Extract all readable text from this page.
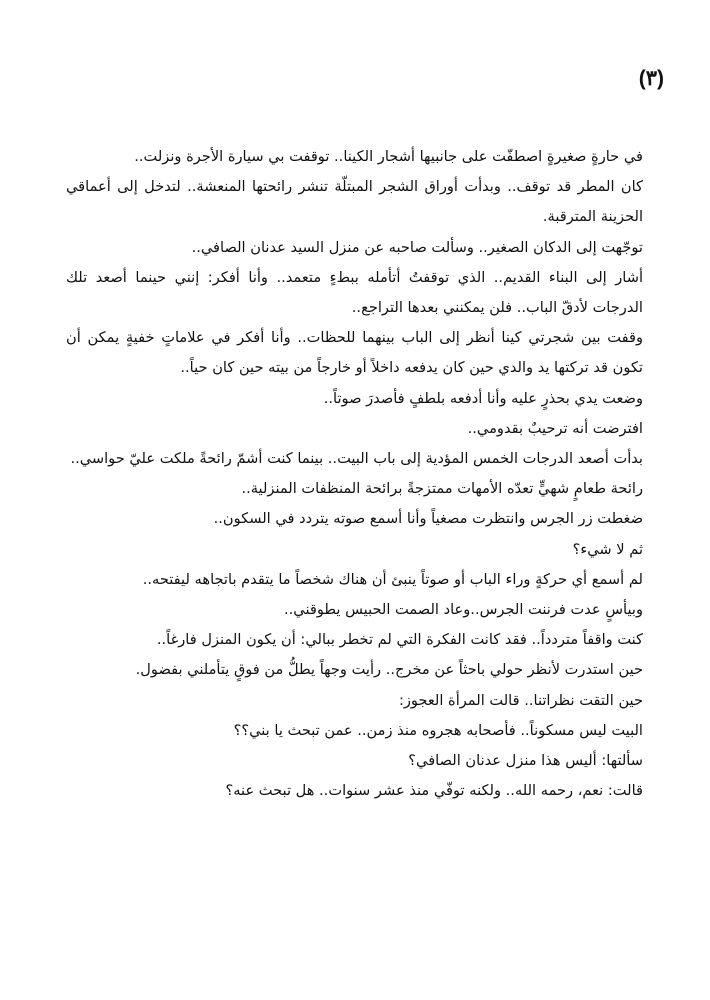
(٣)

في حارةٍ صغيرةٍ اصطفّت على جانبيها أشجار الكينا.. توقفت بي سيارة الأجرة ونزلت..

كان المطر قد توقف.. وبدأت أوراق الشجر المبتلّة تنشر رائحتها المنعشة.. لتدخل إلى أعماقي الحزينة المترقبة.

توجّهت إلى الدكان الصغير.. وسألت صاحبه عن منزل السيد عدنان الصافي..

أشار إلى البناء القديم.. الذي توقفتُ أتأمله ببطءٍ متعمد.. وأنا أفكر: إنني حينما أصعد تلك الدرجات لأدقّ الباب.. فلن يمكنني بعدها التراجع..

وقفت بين شجرتي كينا أنظر إلى الباب بينهما للحظات.. وأنا أفكر في علاماتٍ خفيةٍ يمكن أن تكون قد تركتها يد والدي حين كان يدفعه داخلاً أو خارجاً من بيته حين كان حياً..

وضعت يدي بحذرٍ عليه وأنا أدفعه بلطفٍ فأصدرَ صوتاً..

افترضت أنه ترحيبٌ بقدومي..

بدأت أصعد الدرجات الخمس المؤدية إلى باب البيت.. بينما كنت أشمّ رائحةً ملكت عليّ حواسي..

رائحة طعامٍ شهيٍّ تعدّه الأمهات ممتزجةً برائحة المنظفات المنزلية..

ضغطت زر الجرس وانتظرت مصغياً وأنا أسمع صوته يتردد في السكون..

ثم لا شيء؟

لم أسمع أي حركةٍ وراء الباب أو صوتاً ينبئ أن هناك شخصاً ما يتقدم باتجاهه ليفتحه..

وبيأسٍ عدت فرننت الجرس..وعاد الصمت الحبيس يطوقني..

كنت واقفاً متردداً.. فقد كانت الفكرة التي لم تخطر ببالي: أن يكون المنزل فارغاً..

حين استدرت لأنظر حولي باحثاً عن مخرج.. رأيت وجهاً يطلُّ من فوقٍ يتأملني بفضول.

حين التقت نظراتنا.. قالت المرأة العجوز:

البيت ليس مسكوناً.. فأصحابه هجروه منذ زمن.. عمن تبحث يا بني؟؟

سألتها: أليس هذا منزل عدنان الصافي؟

قالت: نعم، رحمه الله.. ولكنه توفّي منذ عشر سنوات.. هل تبحث عنه؟
